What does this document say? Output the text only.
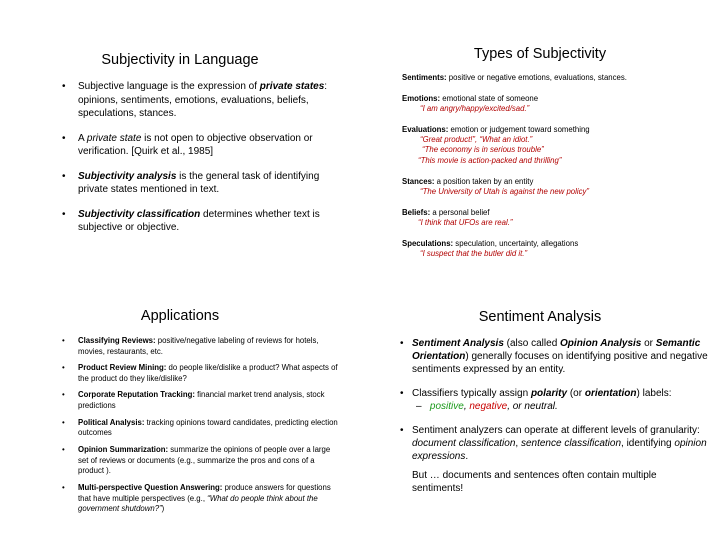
Subjectivity in Language
• Subjective language is the expression of private states: opinions, sentiments, emotions, evaluations, beliefs, speculations, stances.
• A private state is not open to objective observation or verification. [Quirk et al., 1985]
• Subjectivity analysis is the general task of identifying private states mentioned in text.
• Subjectivity classification determines whether text is subjective or objective.
Types of Subjectivity
Sentiments: positive or negative emotions, evaluations, stances.
Emotions: emotional state of someone
“I am angry/happy/excited/sad.”
Evaluations: emotion or judgement toward something
“Great product!”, “What an idiot.”
“The economy is in serious trouble”
“This movie is action-packed and thrilling”
Stances: a position taken by an entity
“The University of Utah is against the new policy”
Beliefs: a personal belief
“I think that UFOs are real.”
Speculations: speculation, uncertainty, allegations
“I suspect that the butler did it.”
Applications
• Classifying Reviews: positive/negative labeling of reviews for hotels, movies, restaurants, etc.
• Product Review Mining: do people like/dislike a product? What aspects of the product do they like/dislike?
• Corporate Reputation Tracking: financial market trend analysis, stock predictions
• Political Analysis: tracking opinions toward candidates, predicting election outcomes
• Opinion Summarization: summarize the opinions of people over a large set of reviews or documents (e.g., summarize the pros and cons of a product ).
• Multi-perspective Question Answering: produce answers for questions that have multiple perspectives (e.g., “What do people think about the government shutdown?”)
Sentiment Analysis
• Sentiment Analysis (also called Opinion Analysis or Semantic Orientation) generally focuses on identifying positive and negative sentiments expressed by an entity.
• Classifiers typically assign polarity (or orientation) labels:
– positive, negative, or neutral.
• Sentiment analyzers can operate at different levels of granularity: document classification, sentence classification, identifying opinion expressions.
But … documents and sentences often contain multiple sentiments!
